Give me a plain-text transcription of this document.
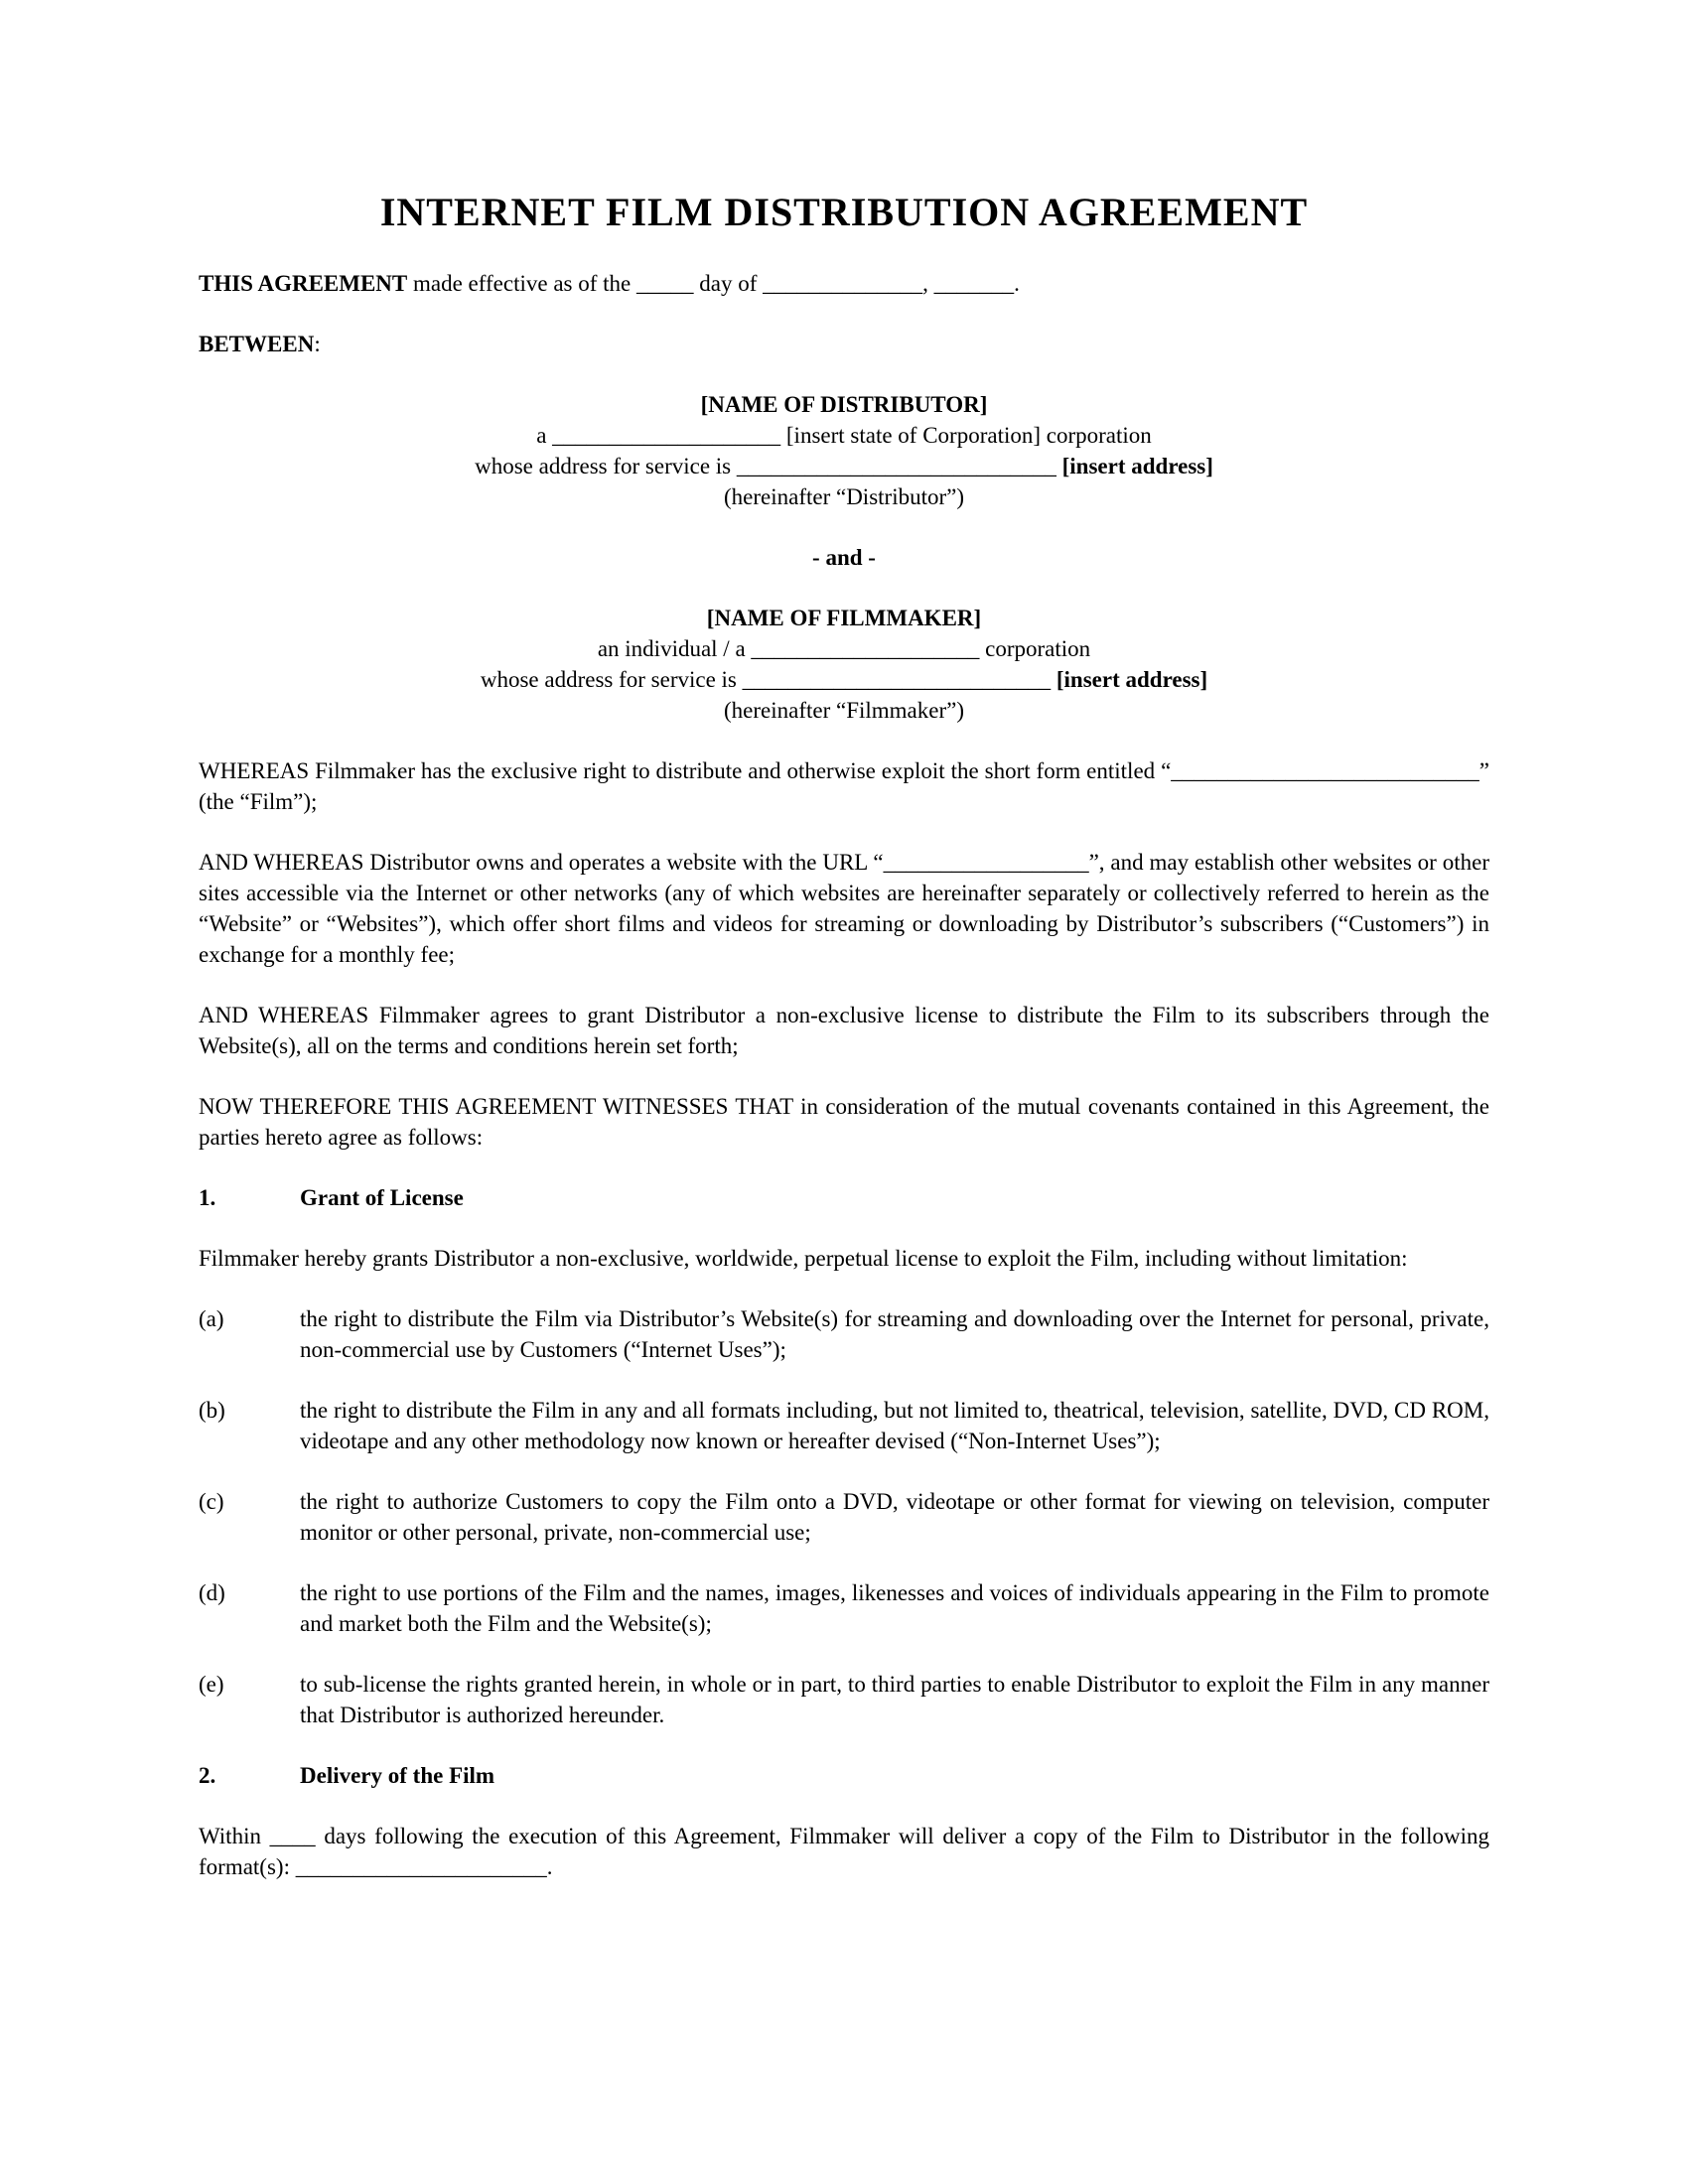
INTERNET FILM DISTRIBUTION AGREEMENT

THIS AGREEMENT made effective as of the _____ day of ______________, _______.

BETWEEN:

[NAME OF DISTRIBUTOR]

a ____________________ [insert state of Corporation] corporation

whose address for service is ____________________________ [insert address]

(hereinafter “Distributor”)

- and -

[NAME OF FILMMAKER]

an individual / a ____________________ corporation

whose address for service is ___________________________ [insert address]

(hereinafter “Filmmaker”)

WHEREAS Filmmaker has the exclusive right to distribute and otherwise exploit the short form entitled “___________________________” (the “Film”);

AND WHEREAS Distributor owns and operates a website with the URL “__________________”, and may establish other websites or other sites accessible via the Internet or other networks (any of which websites are hereinafter separately or collectively referred to herein as the “Website” or “Websites”), which offer short films and videos for streaming or downloading by Distributor’s subscribers (“Customers”) in exchange for a monthly fee;

AND WHEREAS Filmmaker agrees to grant Distributor a non-exclusive license to distribute the Film to its subscribers through the Website(s), all on the terms and conditions herein set forth;

NOW THEREFORE THIS AGREEMENT WITNESSES THAT in consideration of the mutual covenants contained in this Agreement, the parties hereto agree as follows:

1.	Grant of License

Filmmaker hereby grants Distributor a non-exclusive, worldwide, perpetual license to exploit the Film, including without limitation:

(a)	the right to distribute the Film via Distributor’s Website(s) for streaming and downloading over the Internet for personal, private, non-commercial use by Customers (“Internet Uses”);
(b)	the right to distribute the Film in any and all formats including, but not limited to, theatrical, television, satellite, DVD, CD ROM, videotape and any other methodology now known or hereafter devised (“Non-Internet Uses”);
(c)	the right to authorize Customers to copy the Film onto a DVD, videotape or other format for viewing on television, computer monitor or other personal, private, non-commercial use;
(d)	the right to use portions of the Film and the names, images, likenesses and voices of individuals appearing in the Film to promote and market both the Film and the Website(s);
(e)	to sub-license the rights granted herein, in whole or in part, to third parties to enable Distributor to exploit the Film in any manner that Distributor is authorized hereunder.
2.	Delivery of the Film

Within ____ days following the execution of this Agreement, Filmmaker will deliver a copy of the Film to Distributor in the following format(s): ______________________.
